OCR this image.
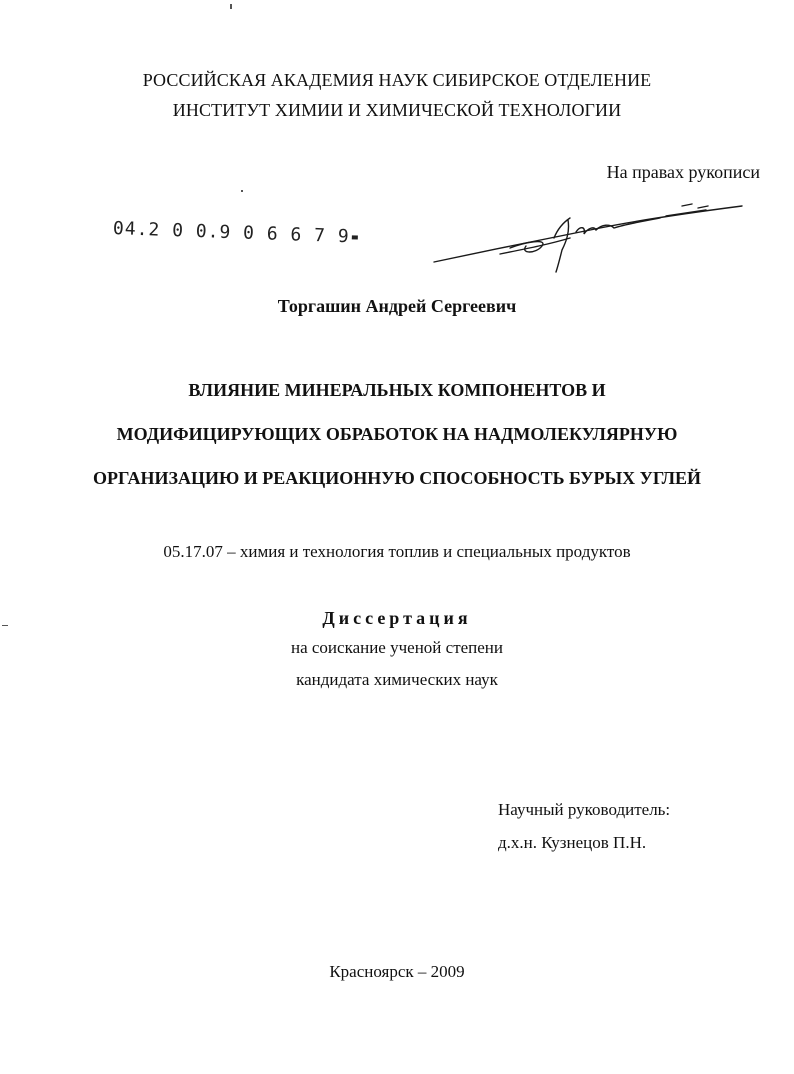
РОССИЙСКАЯ АКАДЕМИЯ НАУК СИБИРСКОЕ ОТДЕЛЕНИЕ
ИНСТИТУТ ХИМИИ И ХИМИЧЕСКОЙ ТЕХНОЛОГИИ
На правах рукописи
04.2 0 0.9 0 6 6 7 9
Торгашин Андрей Сергеевич
ВЛИЯНИЕ МИНЕРАЛЬНЫХ КОМПОНЕНТОВ И
МОДИФИЦИРУЮЩИХ ОБРАБОТОК НА НАДМОЛЕКУЛЯРНУЮ
ОРГАНИЗАЦИЮ И РЕАКЦИОННУЮ СПОСОБНОСТЬ БУРЫХ УГЛЕЙ
05.17.07 – химия и технология топлив и специальных продуктов
Диссертация
на соискание ученой степени
кандидата химических наук
Научный руководитель:
д.х.н. Кузнецов П.Н.
Красноярск – 2009
